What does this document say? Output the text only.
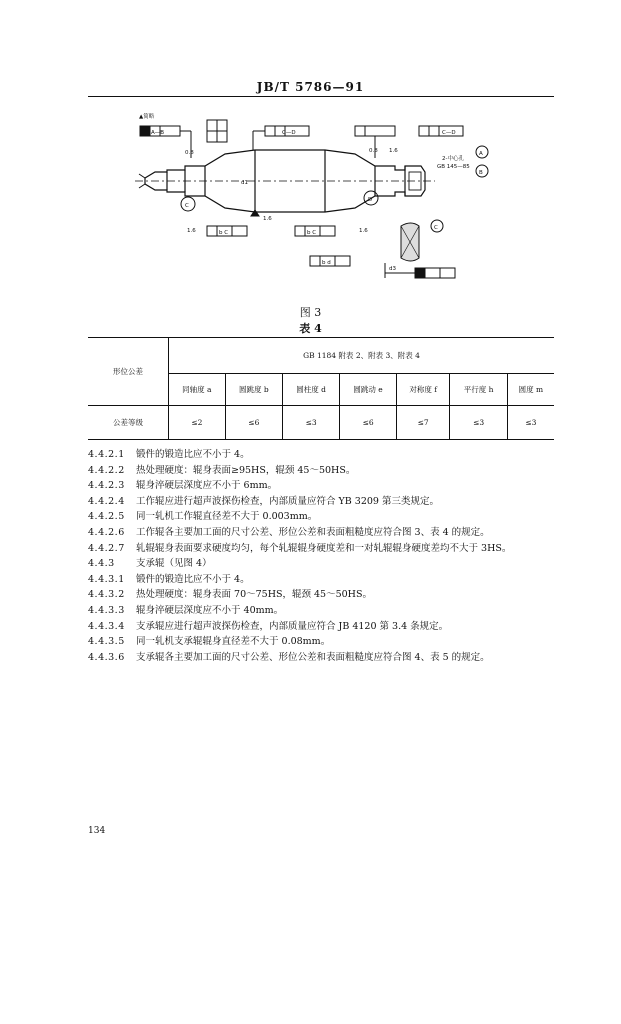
JB/T 5786—91
▲简略
A—B	C—D	C—D
0.8	0.8 1.6
1.6
C
D
A
B
C
2-中心孔
GB 145—85
b C	b C
b d
d1
d3
1.6	1.6
图 3
表 4
形位公差	GB 1184 附表 2、附表 3、附表 4						
	同轴度 a	圆跳度 b	圆柱度 d	圆跳动 e	对称度 f	平行度 h	圆度 m
公差等级	≤2	≤6	≤3	≤6	≤7	≤3	≤3
4.4.2.1	锻件的锻造比应不小于 4。
4.4.2.2	热处理硬度：辊身表面≥95HS，辊颈 45～50HS。
4.4.2.3	辊身淬硬层深度应不小于 6mm。
4.4.2.4	工作辊应进行超声波探伤检查，内部质量应符合 YB 3209 第三类规定。
4.4.2.5	同一轧机工作辊直径差不大于 0.003mm。
4.4.2.6	工作辊各主要加工面的尺寸公差、形位公差和表面粗糙度应符合图 3、表 4 的规定。
4.4.2.7	轧辊辊身表面要求硬度均匀，每个轧辊辊身硬度差和一对轧辊辊身硬度差均不大于 3HS。
4.4.3	支承辊（见图 4）
4.4.3.1	锻件的锻造比应不小于 4。
4.4.3.2	热处理硬度：辊身表面 70～75HS，辊颈 45～50HS。
4.4.3.3	辊身淬硬层深度应不小于 40mm。
4.4.3.4	支承辊应进行超声波探伤检查，内部质量应符合 JB 4120 第 3.4 条规定。
4.4.3.5	同一轧机支承辊辊身直径差不大于 0.08mm。
4.4.3.6	支承辊各主要加工面的尺寸公差、形位公差和表面粗糙度应符合图 4、表 5 的规定。
134
